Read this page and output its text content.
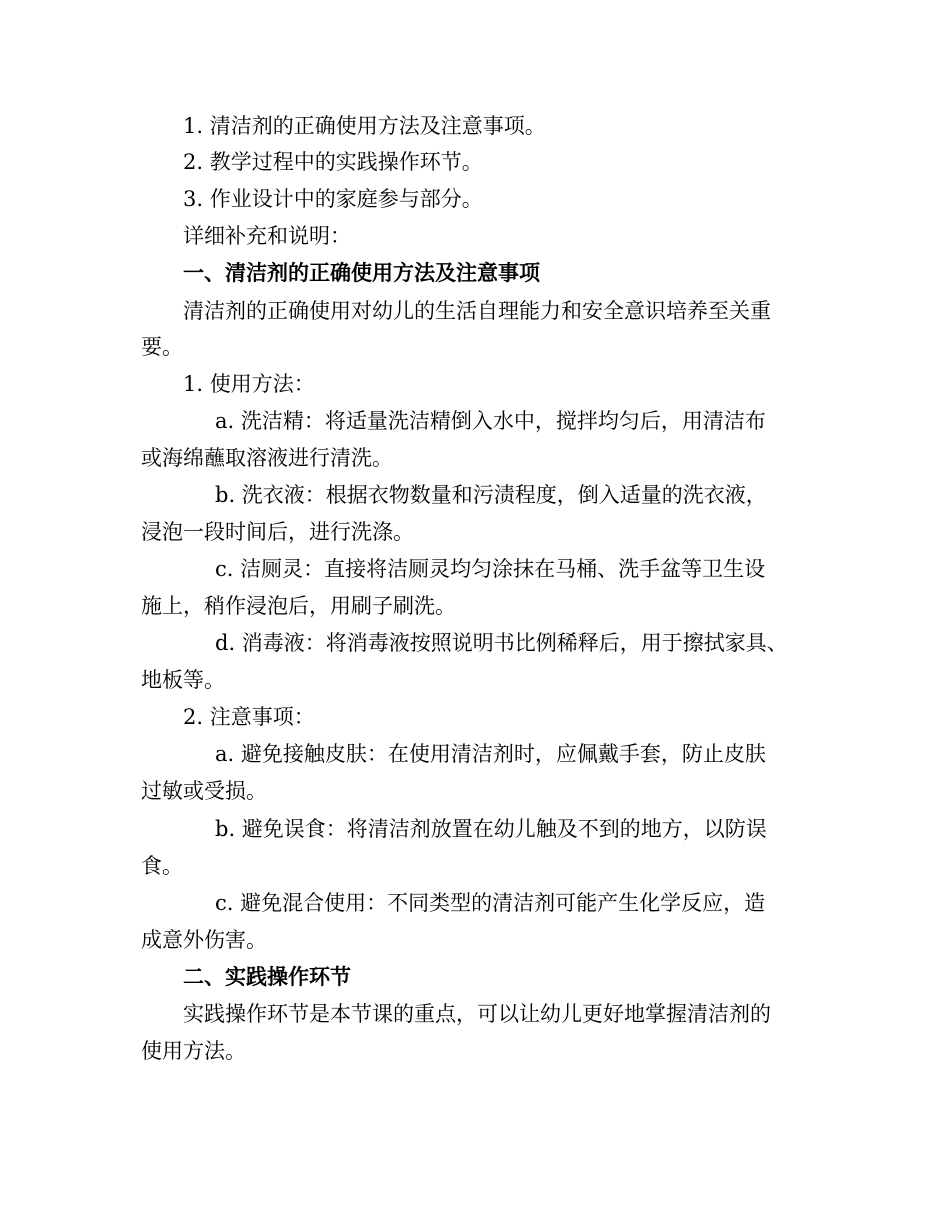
1. 清洁剂的正确使用方法及注意事项。
2. 教学过程中的实践操作环节。
3. 作业设计中的家庭参与部分。
详细补充和说明：
一、清洁剂的正确使用方法及注意事项
清洁剂的正确使用对幼儿的生活自理能力和安全意识培养至关重
要。
1. 使用方法：
a. 洗洁精：将适量洗洁精倒入水中，搅拌均匀后，用清洁布
或海绵蘸取溶液进行清洗。
b. 洗衣液：根据衣物数量和污渍程度，倒入适量的洗衣液，
浸泡一段时间后，进行洗涤。
c. 洁厕灵：直接将洁厕灵均匀涂抹在马桶、洗手盆等卫生设
施上，稍作浸泡后，用刷子刷洗。
d. 消毒液：将消毒液按照说明书比例稀释后，用于擦拭家具、
地板等。
2. 注意事项：
a. 避免接触皮肤：在使用清洁剂时，应佩戴手套，防止皮肤
过敏或受损。
b. 避免误食：将清洁剂放置在幼儿触及不到的地方，以防误
食。
c. 避免混合使用：不同类型的清洁剂可能产生化学反应，造
成意外伤害。
二、实践操作环节
实践操作环节是本节课的重点，可以让幼儿更好地掌握清洁剂的
使用方法。
